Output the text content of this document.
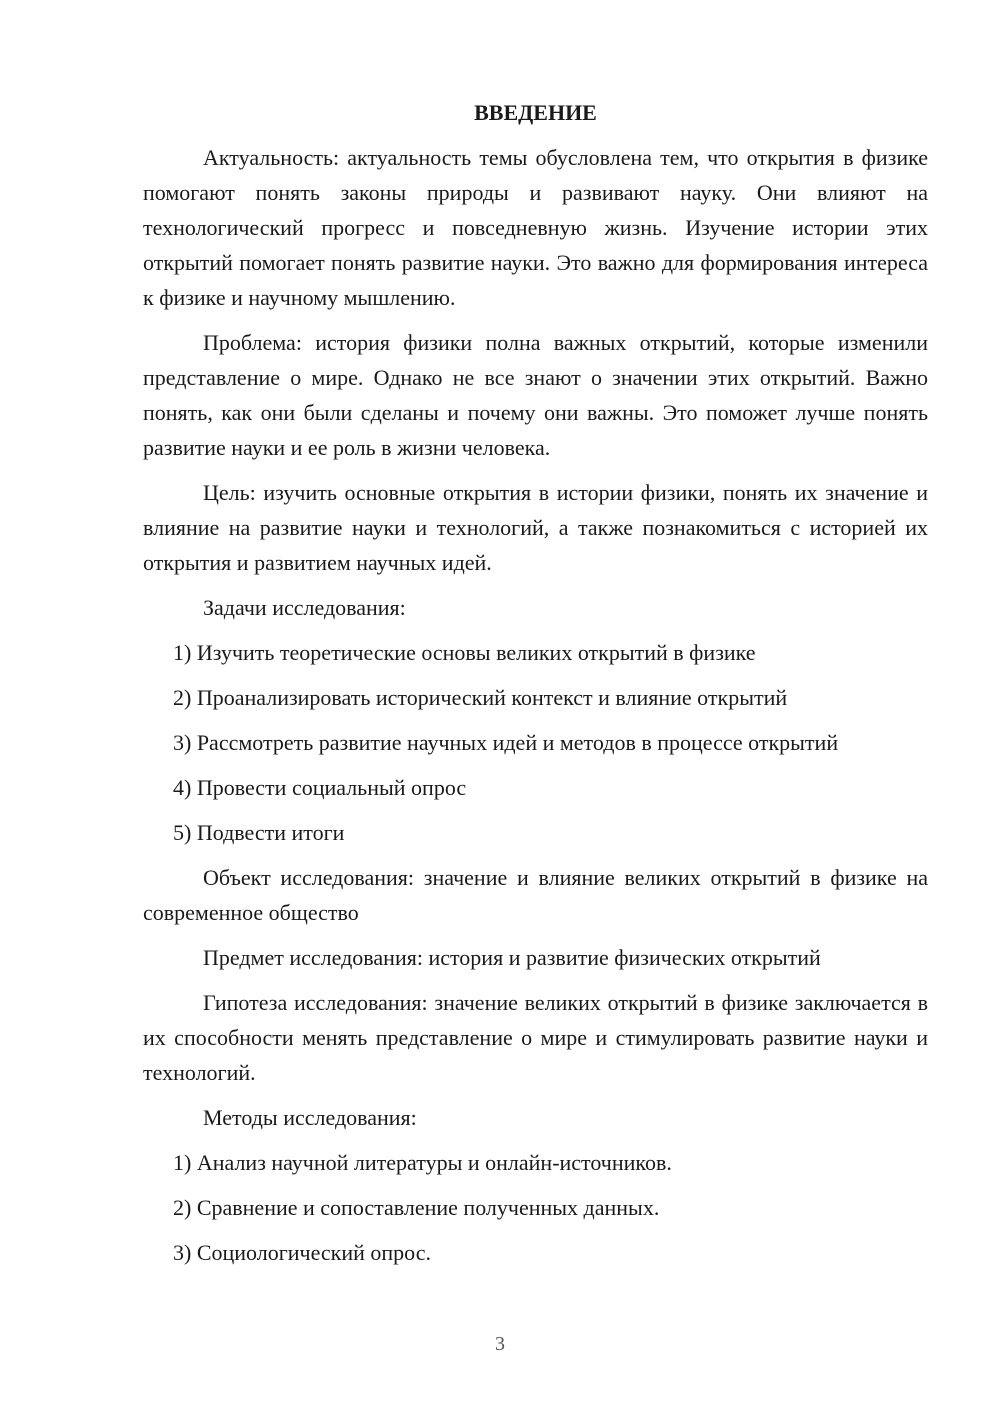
ВВЕДЕНИЕ

Актуальность: актуальность темы обусловлена тем, что открытия в физике помогают понять законы природы и развивают науку. Они влияют на технологический прогресс и повседневную жизнь. Изучение истории этих открытий помогает понять развитие науки. Это важно для формирования интереса к физике и научному мышлению.

Проблема: история физики полна важных открытий, которые изменили представление о мире. Однако не все знают о значении этих открытий. Важно понять, как они были сделаны и почему они важны. Это поможет лучше понять развитие науки и ее роль в жизни человека.

Цель: изучить основные открытия в истории физики, понять их значение и влияние на развитие науки и технологий, а также познакомиться с историей их открытия и развитием научных идей.

Задачи исследования:

1) Изучить теоретические основы великих открытий в физике

2) Проанализировать исторический контекст и влияние открытий

3) Рассмотреть развитие научных идей и методов в процессе открытий

4) Провести социальный опрос

5) Подвести итоги

Объект исследования: значение и влияние великих открытий в физике на современное общество

Предмет исследования: история и развитие физических открытий

Гипотеза исследования: значение великих открытий в физике заключается в их способности менять представление о мире и стимулировать развитие науки и технологий.

Методы исследования:

1) Анализ научной литературы и онлайн-источников.

2) Сравнение и сопоставление полученных данных.

3) Социологический опрос.

3
